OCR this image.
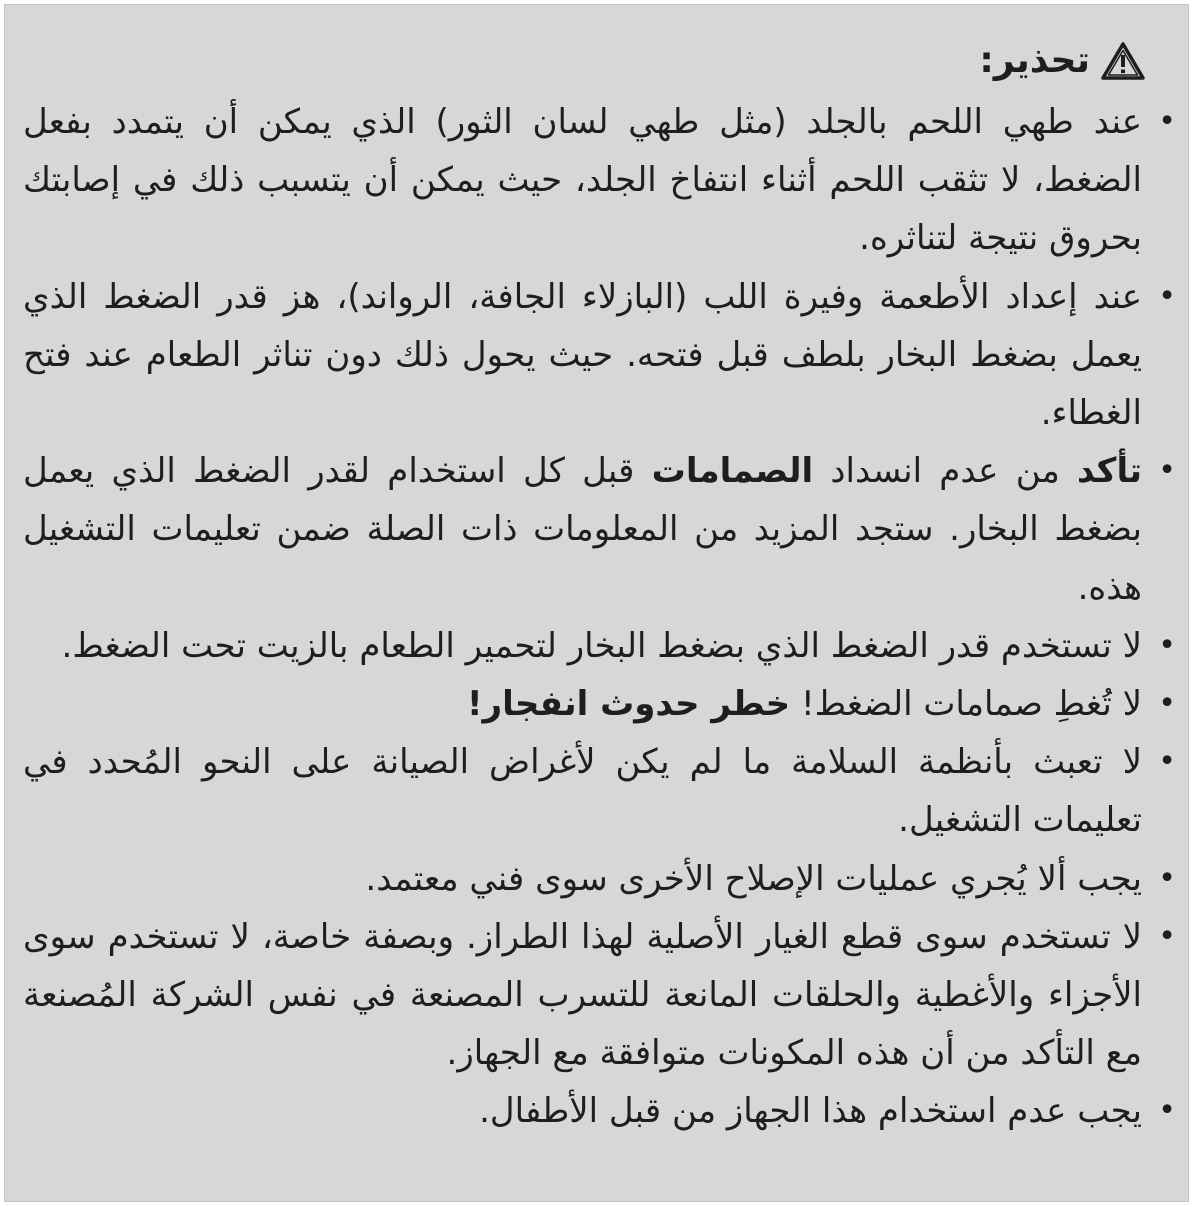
تحذير:
•
عند طهي اللحم بالجلد (مثل طهي لسان الثور) الذي يمكن أن يتمدد بفعل الضغط، لا تثقب اللحم أثناء انتفاخ الجلد، حيث يمكن أن يتسبب ذلك في إصابتك بحروق نتيجة لتناثره.
•
عند إعداد الأطعمة وفيرة اللب (البازلاء الجافة، الرواند)، هز قدر الضغط الذي يعمل بضغط البخار بلطف قبل فتحه. حيث يحول ذلك دون تناثر الطعام عند فتح الغطاء.
•
تأكد من عدم انسداد الصمامات قبل كل استخدام لقدر الضغط الذي يعمل بضغط البخار. ستجد المزيد من المعلومات ذات الصلة ضمن تعليمات التشغيل هذه.
•
لا تستخدم قدر الضغط الذي بضغط البخار لتحمير الطعام بالزيت تحت الضغط.
•
لا تُغطِ صمامات الضغط! خطر حدوث انفجار!
•
لا تعبث بأنظمة السلامة ما لم يكن لأغراض الصيانة على النحو المُحدد في تعليمات التشغيل.
•
يجب ألا يُجري عمليات الإصلاح الأخرى سوى فني معتمد.
•
لا تستخدم سوى قطع الغيار الأصلية لهذا الطراز. وبصفة خاصة، لا تستخدم سوى الأجزاء والأغطية والحلقات المانعة للتسرب المصنعة في نفس الشركة المُصنعة مع التأكد من أن هذه المكونات متوافقة مع الجهاز.
•
يجب عدم استخدام هذا الجهاز من قبل الأطفال.
